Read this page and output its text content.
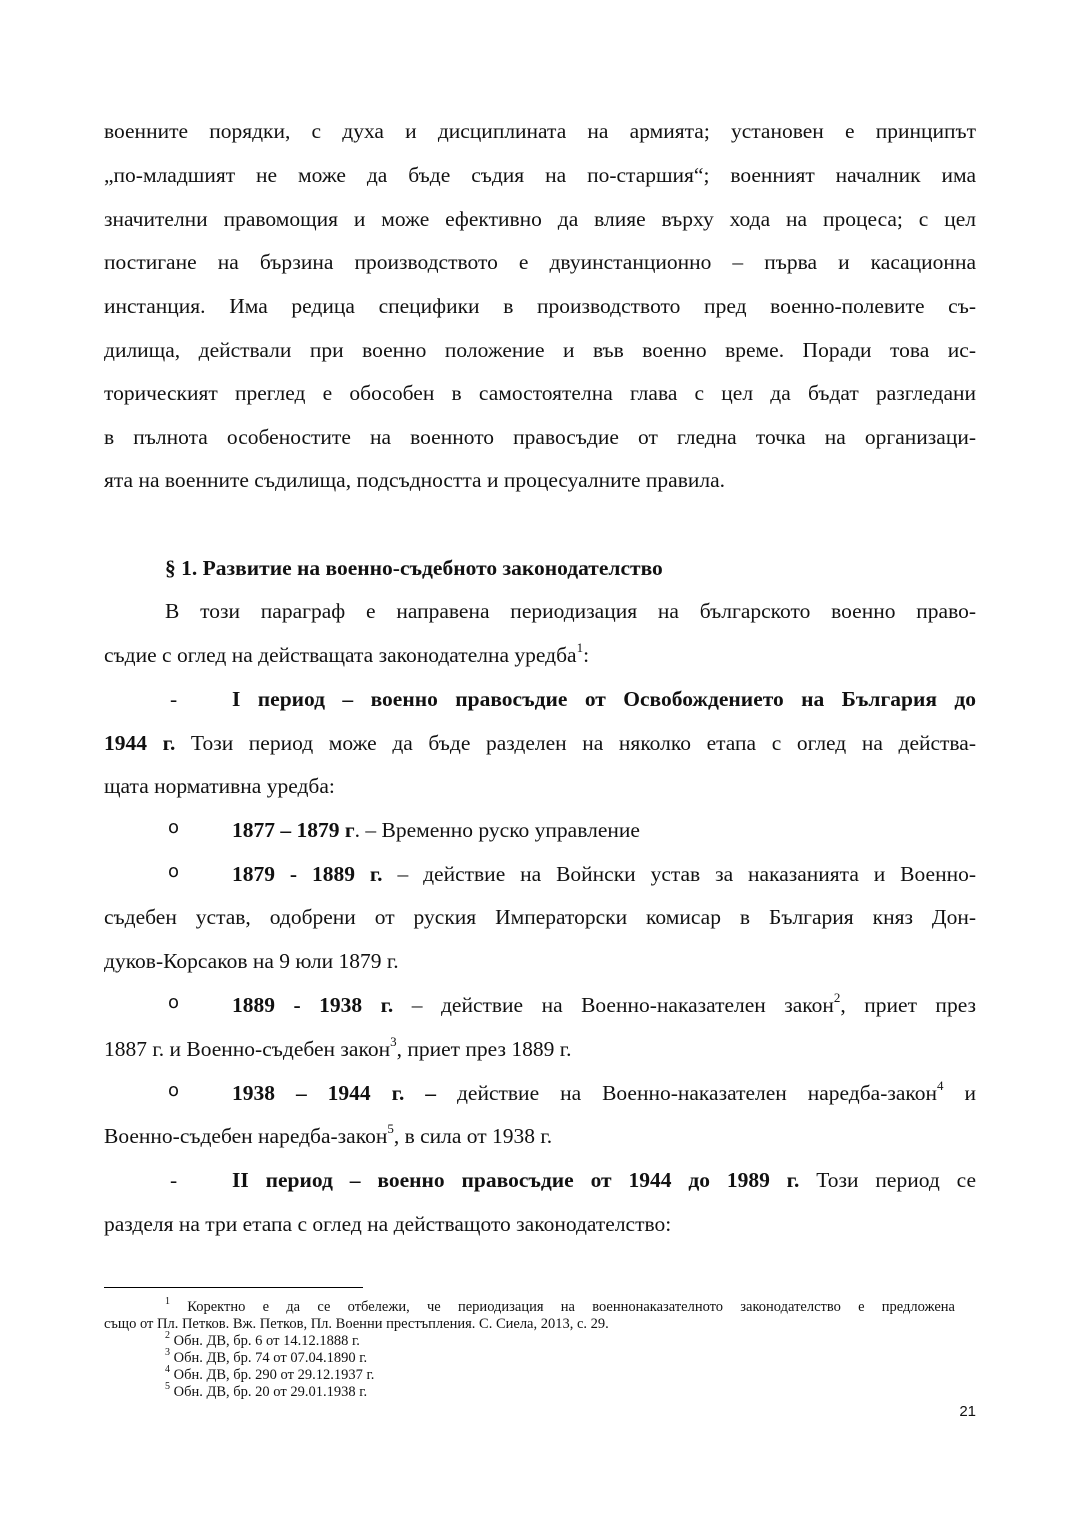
военните порядки, с духа и дисциплината на армията; установен е принципът
„по-младшият не може да бъде съдия на по-старшия“; военният началник има
значителни правомощия и може ефективно да влияе върху хода на процеса; с цел
постигане на бързина производството е двуинстанционно – първа и касационна
инстанция. Има редица специфики в производството пред военно-полевите съ-
дилища, действали при военно положение и във военно време. Поради това ис-
торическият преглед е обособен в самостоятелна глава с цел да бъдат разгледани
в пълнота особеностите на военното правосъдие от гледна точка на организаци-
ята на военните съдилища, подсъдността и процесуалните правила.
§ 1. Развитие на военно-съдебното законодателство
В този параграф е направена периодизация на българското военно право-
съдие с оглед на действащата законодателна уредба$^1$:
-	I период – военно правосъдие от Освобождението на България до
1944 г. Този период може да бъде разделен на няколко етапа с оглед на действа-
щата нормативна уредба:
o 1877 – 1879 г. – Временно руско управление
o 1879 - 1889 г. – действие на Войнски устав за наказанията и Военно-
съдебен устав, одобрени от руския Императорски комисар в България княз Дон-
дуков-Корсаков на 9 юли 1879 г.
o 1889 - 1938 г. – действие на Военно-наказателен закон$^2$, приет през
1887 г. и Военно-съдебен закон$^3$, приет през 1889 г.
o 1938 – 1944 г. – действие на Военно-наказателен наредба-закон$^4$ и
Военно-съдебен наредба-закон$^5$, в сила от 1938 г.
-	II период – военно правосъдие от 1944 до 1989 г. Този период се
разделя на три етапа с оглед на действащото законодателство:
$^1$ Коректно е да се отбележи, че периодизация на военнонаказателното законодателство е предложена
също от Пл. Петков. Вж. Петков, Пл. Военни престъпления. С. Сиела, 2013, с. 29.
$^2$ Обн. ДВ, бр. 6 от 14.12.1888 г.
$^3$ Обн. ДВ, бр. 74 от 07.04.1890 г.
$^4$ Обн. ДВ, бр. 290 от 29.12.1937 г.
$^5$ Обн. ДВ, бр. 20 от 29.01.1938 г.
21
